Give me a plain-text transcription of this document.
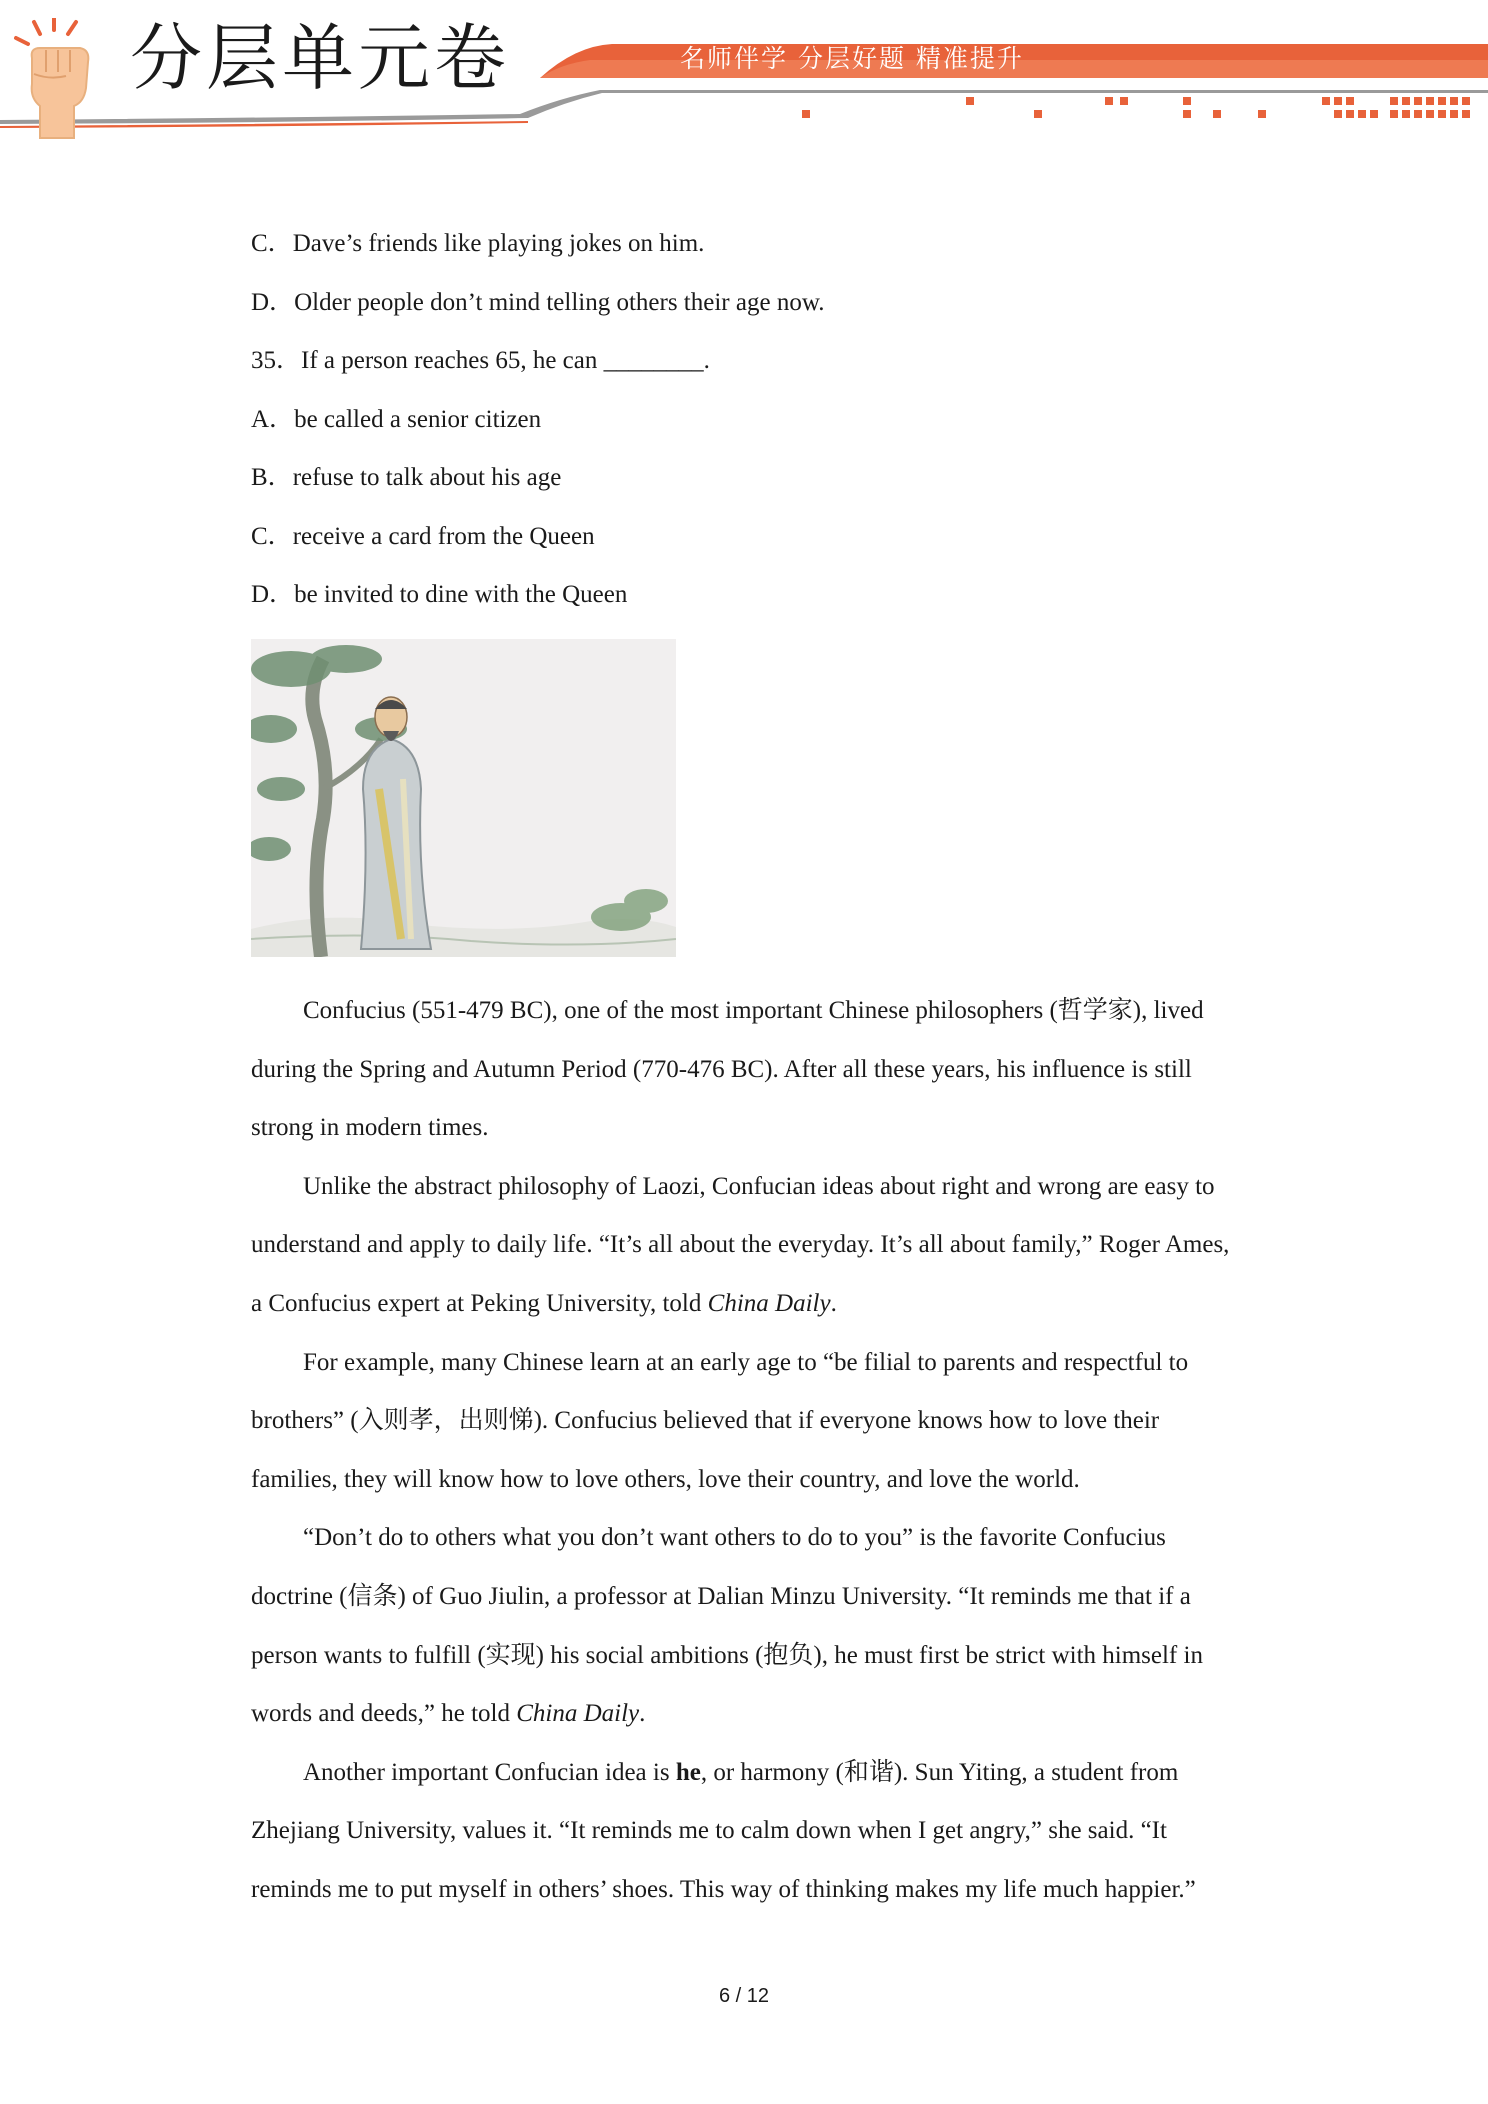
分层单元卷	名师伴学 分层好题 精准提升
C．Dave’s friends like playing jokes on him.
D．Older people don’t mind telling others their age now.
35．If a person reaches 65, he can ________.
A．be called a senior citizen
B．refuse to talk about his age
C．receive a card from the Queen
D．be invited to dine with the Queen

Confucius (551-479 BC), one of the most important Chinese philosophers (哲学家), lived during the Spring and Autumn Period (770-476 BC). After all these years, his influence is still strong in modern times.

Unlike the abstract philosophy of Laozi, Confucian ideas about right and wrong are easy to understand and apply to daily life. “It’s all about the everyday. It’s all about family,” Roger Ames, a Confucius expert at Peking University, told China Daily.

For example, many Chinese learn at an early age to “be filial to parents and respectful to brothers” (入则孝，出则悌). Confucius believed that if everyone knows how to love their families, they will know how to love others, love their country, and love the world.

“Don’t do to others what you don’t want others to do to you” is the favorite Confucius doctrine (信条) of Guo Jiulin, a professor at Dalian Minzu University. “It reminds me that if a person wants to fulfill (实现) his social ambitions (抱负), he must first be strict with himself in words and deeds,” he told China Daily.

Another important Confucian idea is he, or harmony (和谐). Sun Yiting, a student from Zhejiang University, values it. “It reminds me to calm down when I get angry,” she said. “It reminds me to put myself in others’ shoes. This way of thinking makes my life much happier.”

6 / 12
